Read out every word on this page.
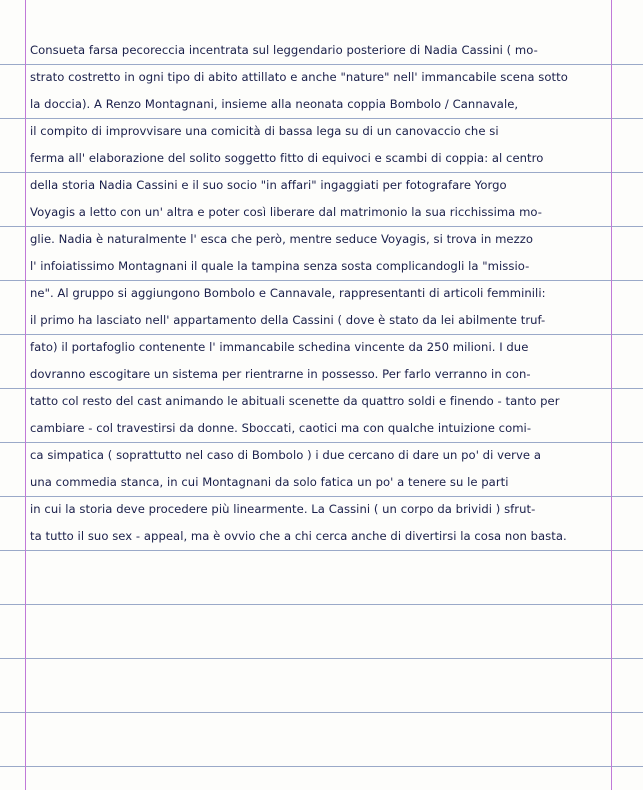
Consueta farsa pecoreccia incentrata sul leggendario posteriore di Nadia Cassini ( mo-
strato costretto in ogni tipo di abito attillato e anche "nature" nell' immancabile scena sotto
la doccia). A Renzo Montagnani, insieme alla neonata coppia Bombolo / Cannavale,
il compito di improvvisare una comicità di bassa lega su di un canovaccio che si
ferma all' elaborazione del solito soggetto fitto di equivoci e scambi di coppia: al centro
della storia Nadia Cassini e il suo socio "in affari" ingaggiati per fotografare Yorgo
Voyagis a letto con un' altra e poter così liberare dal matrimonio la sua ricchissima mo-
glie. Nadia è naturalmente l' esca che però, mentre seduce Voyagis, si trova in mezzo
l' infoiatissimo Montagnani il quale la tampina senza sosta complicandogli la "missio-
ne". Al gruppo si aggiungono Bombolo e Cannavale, rappresentanti di articoli femminili:
il primo ha lasciato nell' appartamento della Cassini ( dove è stato da lei abilmente truf-
fato) il portafoglio contenente l' immancabile schedina vincente da 250 milioni. I due
dovranno escogitare un sistema per rientrarne in possesso. Per farlo verranno in con-
tatto col resto del cast animando le abituali scenette da quattro soldi e finendo - tanto per
cambiare - col travestirsi da donne. Sboccati, caotici ma con qualche intuizione comi-
ca simpatica ( soprattutto nel caso di Bombolo ) i due cercano di dare un po' di verve a
una commedia stanca, in cui Montagnani da solo fatica un po' a tenere su le parti
in cui la storia deve procedere più linearmente. La Cassini ( un corpo da brividi ) sfrut-
ta tutto il suo sex - appeal, ma è ovvio che a chi cerca anche di divertirsi la cosa non basta.
